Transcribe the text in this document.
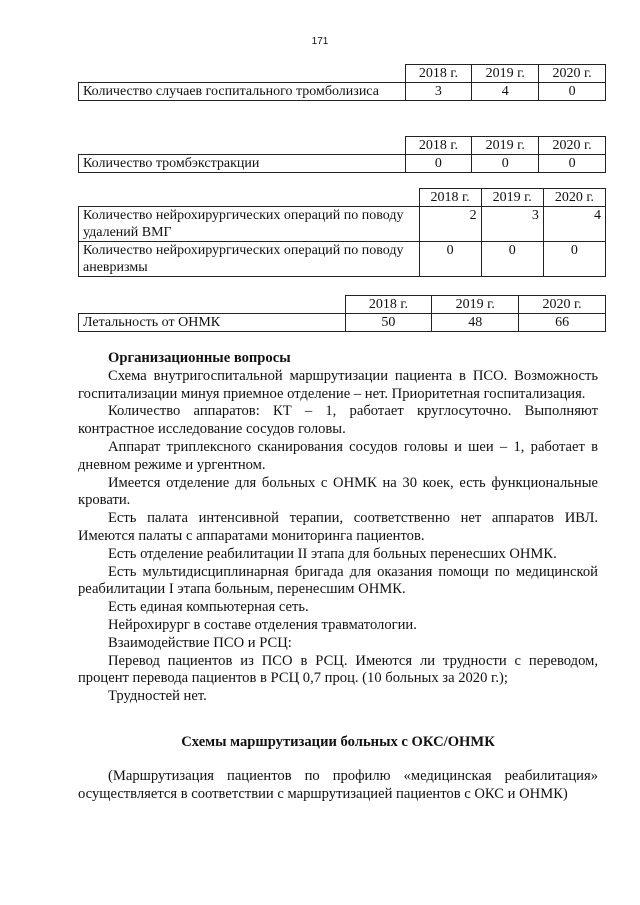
171
	2018 г.	2019 г.	2020 г.
Количество случаев госпитального тромболизиса	3	4	0
	2018 г.	2019 г.	2020 г.
Количество тромбэкстракции	0	0	0
	2018 г.	2019 г.	2020 г.
Количество нейрохирургических операций по поводу удалений ВМГ	2	3	4
Количество нейрохирургических операций по поводу аневризмы	0	0	0
	2018 г.	2019 г.	2020 г.
Летальность от ОНМК	50	48	66

Организационные вопросы

Схема внутригоспитальной маршрутизации пациента в ПСО. Возможность госпитализации минуя приемное отделение – нет. Приоритетная госпитализация.

Количество аппаратов: КТ – 1, работает круглосуточно. Выполняют контрастное исследование сосудов головы.

Аппарат триплексного сканирования сосудов головы и шеи – 1, работает в дневном режиме и ургентном.

Имеется отделение для больных с ОНМК на 30 коек, есть функциональные кровати.

Есть палата интенсивной терапии, соответственно нет аппаратов ИВЛ. Имеются палаты с аппаратами мониторинга пациентов.

Есть отделение реабилитации II этапа для больных перенесших ОНМК.

Есть мультидисциплинарная бригада для оказания помощи по медицинской реабилитации I этапа больным, перенесшим ОНМК.

Есть единая компьютерная сеть.

Нейрохирург в составе отделения травматологии.

Взаимодействие ПСО и РСЦ:

Перевод пациентов из ПСО в РСЦ. Имеются ли трудности с переводом, процент перевода пациентов в РСЦ 0,7 проц. (10 больных за 2020 г.);

Трудностей нет.

Схемы маршрутизации больных с ОКС/ОНМК

(Маршрутизация пациентов по профилю «медицинская реабилитация» осуществляется в соответствии с маршрутизацией пациентов с ОКС и ОНМК)
